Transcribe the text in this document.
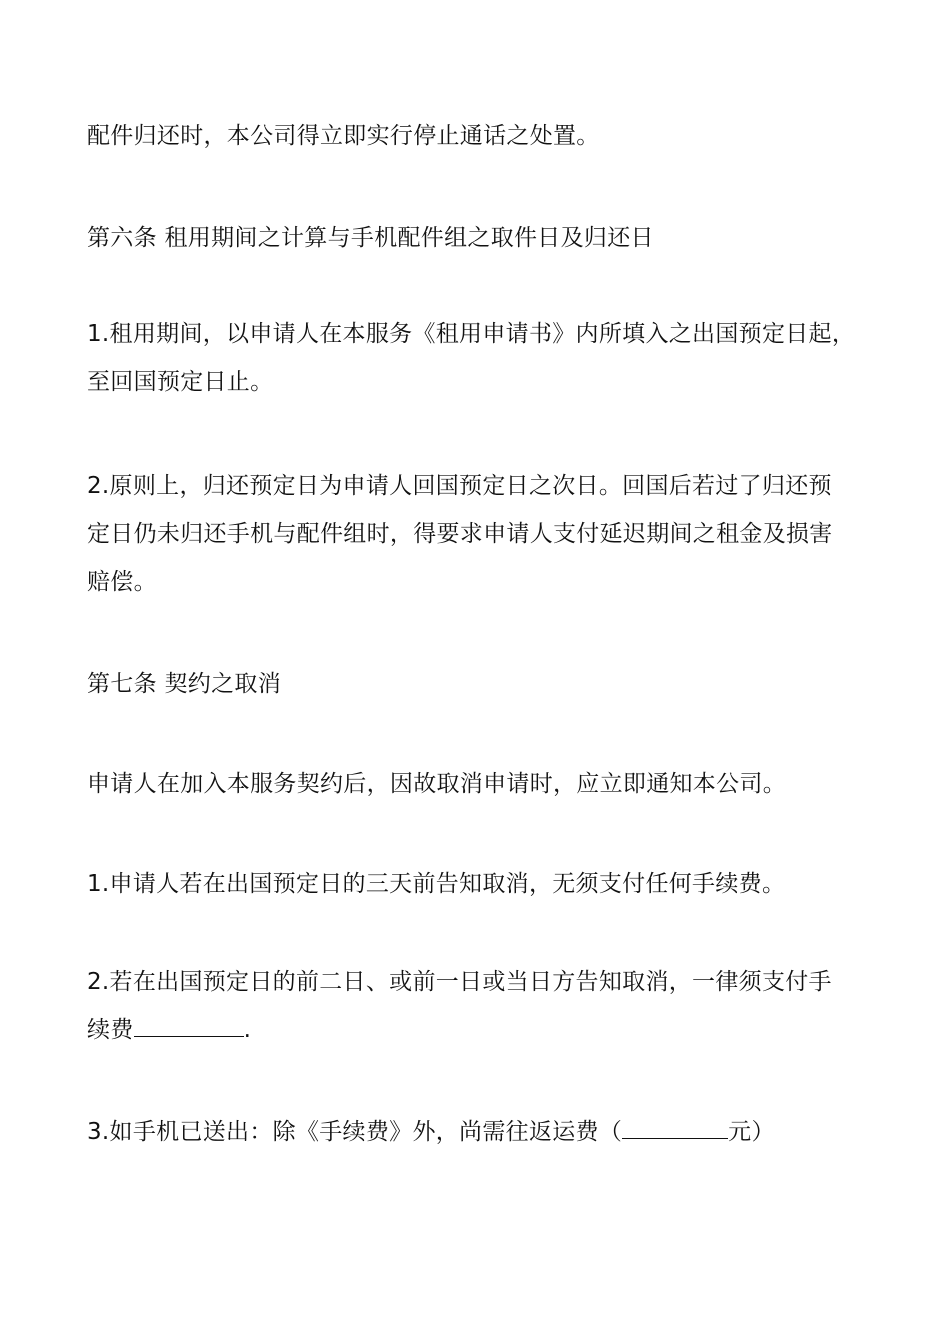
配件归还时，本公司得立即实行停止通话之处置。

第六条 租用期间之计算与手机配件组之取件日及归还日

1.租用期间，以申请人在本服务《租用申请书》内所填入之出国预定日起，
至回国预定日止。

2.原则上，归还预定日为申请人回国预定日之次日。回国后若过了归还预
定日仍未归还手机与配件组时，得要求申请人支付延迟期间之租金及损害
赔偿。

第七条 契约之取消

申请人在加入本服务契约后，因故取消申请时，应立即通知本公司。

1.申请人若在出国预定日的三天前告知取消，无须支付任何手续费。

2.若在出国预定日的前二日、或前一日或当日方告知取消，一律须支付手
续费	.

3.如手机已送出：除《手续费》外，尚需往返运费（	元）
